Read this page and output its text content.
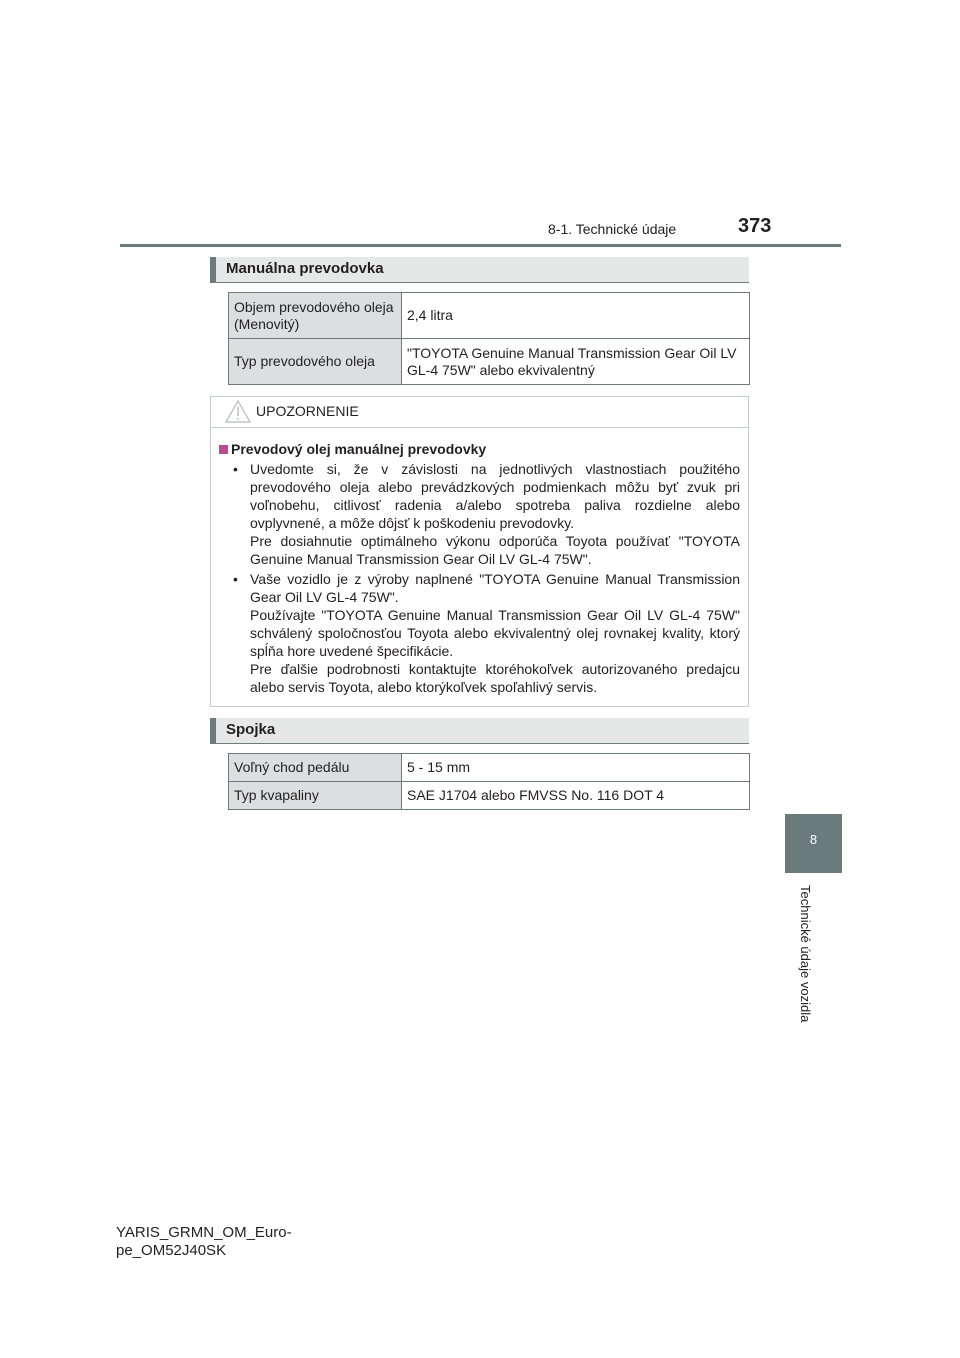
8-1. Technické údaje	373
8
Technické údaje vozidla
Manuálna prevodovka
Objem prevodového oleja (Menovitý)	2,4 litra
Typ prevodového oleja	"TOYOTA Genuine Manual Transmission Gear Oil LV GL-4 75W" alebo ekvivalentný
UPOZORNENIE
Prevodový olej manuálnej prevodovky
• Uvedomte si, že v závislosti na jednotlivých vlastnostiach použitého prevodového oleja alebo prevádzkových podmienkach môžu byť zvuk pri voľnobehu, citlivosť radenia a/alebo spotreba paliva rozdielne alebo ovplyvnené, a môže dôjsť k poškodeniu prevodovky.
Pre dosiahnutie optimálneho výkonu odporúča Toyota používať "TOYOTA Genuine Manual Transmission Gear Oil LV GL-4 75W".
• Vaše vozidlo je z výroby naplnené "TOYOTA Genuine Manual Transmission Gear Oil LV GL-4 75W".
Používajte "TOYOTA Genuine Manual Transmission Gear Oil LV GL-4 75W" schválený spoločnosťou Toyota alebo ekvivalentný olej rovnakej kvality, ktorý spĺňa hore uvedené špecifikácie.
Pre ďalšie podrobnosti kontaktujte ktoréhokoľvek autorizovaného predajcu alebo servis Toyota, alebo ktorýkoľvek spoľahlivý servis.
Spojka
Voľný chod pedálu	5 - 15 mm
Typ kvapaliny	SAE J1704 alebo FMVSS No. 116 DOT 4
YARIS_GRMN_OM_Euro-
pe_OM52J40SK
